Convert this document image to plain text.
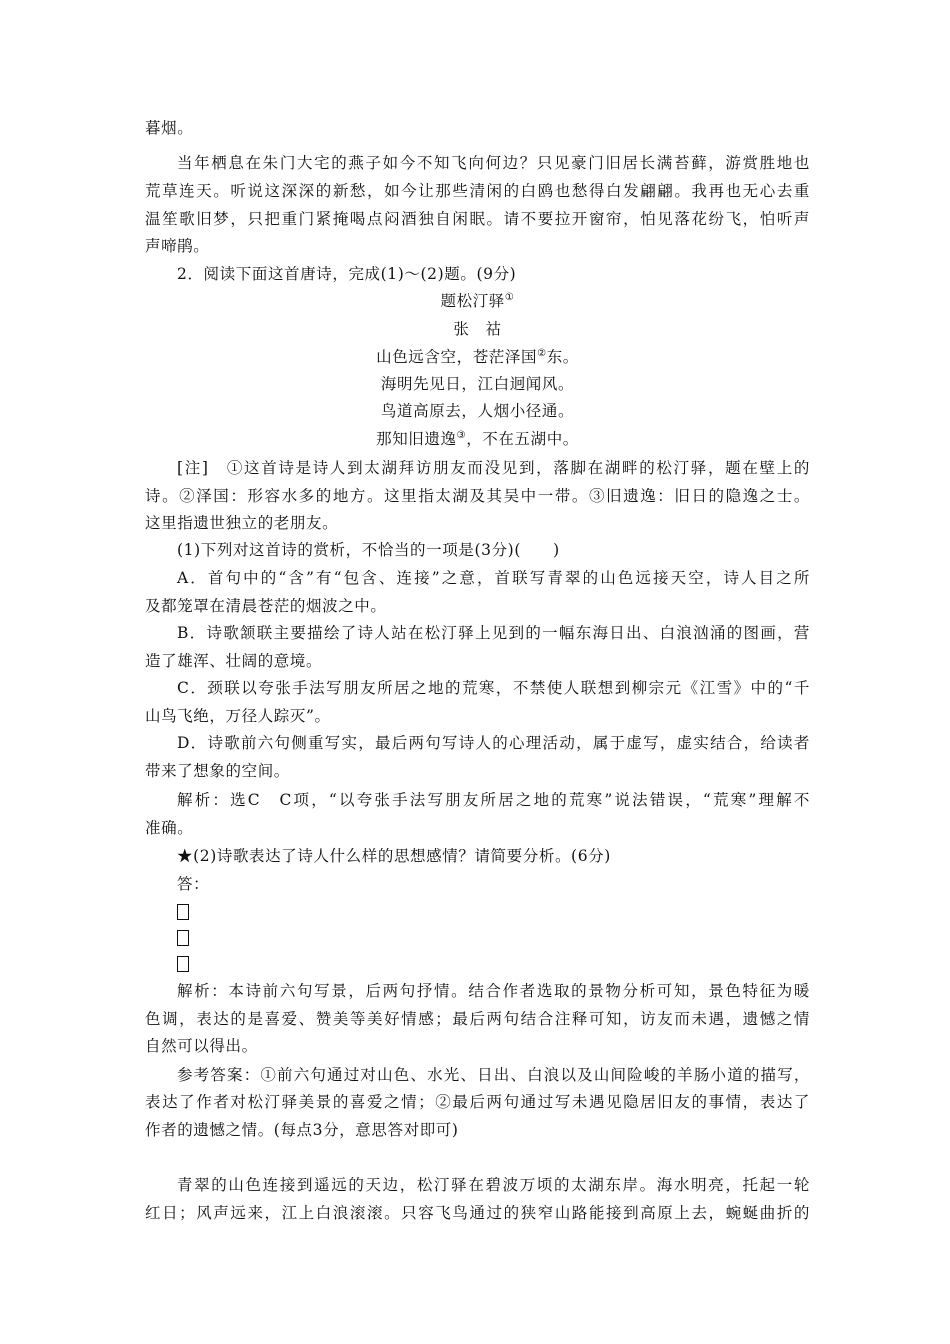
暮烟。
当年栖息在朱门大宅的燕子如今不知飞向何边？只见豪门旧居长满苔藓，游赏胜地也
荒草连天。听说这深深的新愁，如今让那些清闲的白鸥也愁得白发翩翩。我再也无心去重
温笙歌旧梦，只把重门紧掩喝点闷酒独自闲眠。请不要拉开窗帘，怕见落花纷飞，怕听声
声啼鹃。
2．阅读下面这首唐诗，完成(1)～(2)题。(9分)
题松汀驿①
张　祜
山色远含空，苍茫泽国②东。
海明先见日，江白迥闻风。
鸟道高原去，人烟小径通。
那知旧遗逸③，不在五湖中。
[注]　①这首诗是诗人到太湖拜访朋友而没见到，落脚在湖畔的松汀驿，题在壁上的
诗。②泽国：形容水多的地方。这里指太湖及其吴中一带。③旧遗逸：旧日的隐逸之士。
这里指遗世独立的老朋友。
(1)下列对这首诗的赏析，不恰当的一项是(3分)(　　)
A．首句中的“含”有“包含、连接”之意，首联写青翠的山色远接天空，诗人目之所
及都笼罩在清晨苍茫的烟波之中。
B．诗歌颔联主要描绘了诗人站在松汀驿上见到的一幅东海日出、白浪汹涌的图画，营
造了雄浑、壮阔的意境。
C．颈联以夸张手法写朋友所居之地的荒寒，不禁使人联想到柳宗元《江雪》中的“千
山鸟飞绝，万径人踪灭”。
D．诗歌前六句侧重写实，最后两句写诗人的心理活动，属于虚写，虚实结合，给读者
带来了想象的空间。
解析：选C　C项，“以夸张手法写朋友所居之地的荒寒”说法错误，“荒寒”理解不
准确。
★(2)诗歌表达了诗人什么样的思想感情？请简要分析。(6分)
答：
解析：本诗前六句写景，后两句抒情。结合作者选取的景物分析可知，景色特征为暖
色调，表达的是喜爱、赞美等美好情感；最后两句结合注释可知，访友而未遇，遗憾之情
自然可以得出。
参考答案：①前六句通过对山色、水光、日出、白浪以及山间险峻的羊肠小道的描写，
表达了作者对松汀驿美景的喜爱之情；②最后两句通过写未遇见隐居旧友的事情，表达了
作者的遗憾之情。(每点3分，意思答对即可)
青翠的山色连接到遥远的天边，松汀驿在碧波万顷的太湖东岸。海水明亮，托起一轮
红日；风声远来，江上白浪滚滚。只容飞鸟通过的狭窄山路能接到高原上去，蜿蜒曲折的
